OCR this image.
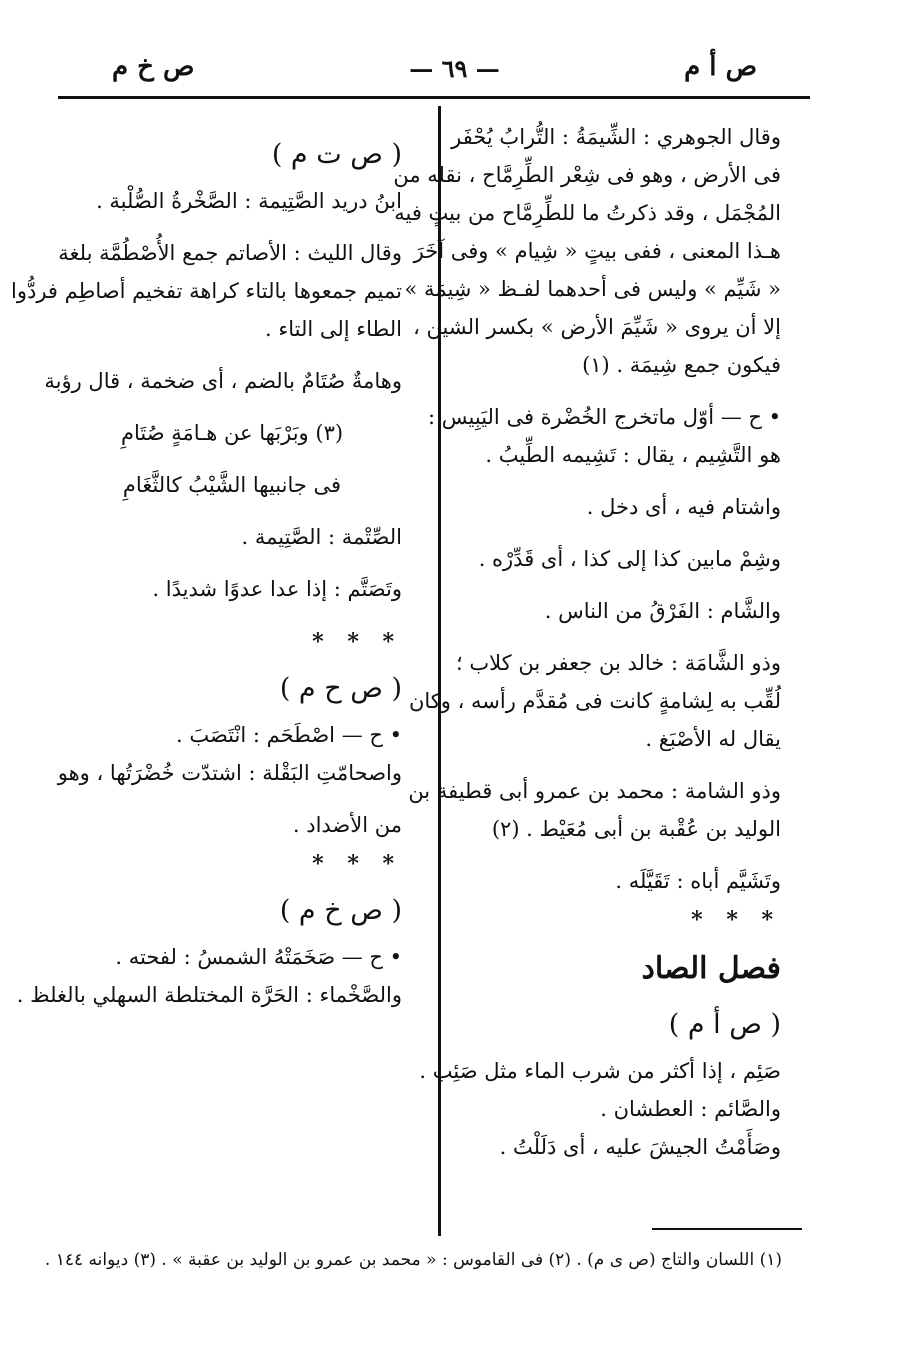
ص أ م
— ٦٩ —
ص خ م
وقال الجوهري : الشِّيمَةُ : التُّرابُ يُحْفَر
فى الأرض ، وهو فى شِعْر الطِّرِمَّاح ، نقله من
المُجْمَل ، وقد ذكرتُ ما للطِّرِمَّاح من بيتٍ فيه
هـذا المعنى ، ففى بيتٍ « شِيام » وفى آخَرَ
« شَيِّم » وليس فى أحدهما لفـظ « شِيمَة »
إلا أن يروى « شَيِّمَ الأرض » بكسر الشين ،
فيكون جمع شِيمَة . (١)
• ح — أوّل ماتخرج الخُضْرة فى اليَبِيس :
هو التَّشِيم ، يقال : تَشِيمه الطِّيبُ .
واشتام فيه ، أى دخل .
وشِمْ مابين كذا إلى كذا ، أى قَدِّرْه .
والشَّام : الفَرْقُ من الناس .
وذو الشَّامَة : خالد بن جعفر بن كلاب ؛
لُقِّب به لِشامةٍ كانت فى مُقدَّم رأسه ، وكان
يقال له الأصْبَغ .
وذو الشامة : محمد بن عمرو أبى قطيفة بن
الوليد بن عُقْبة بن أبى مُعَيْط . (٢)
وتَشَيَّم أباه : تَقَيَّلَه .
* * *
فصل الصاد
( ص أ م )
صَئِم ، إذا أكثر من شرب الماء مثل صَئِب .
والصَّائم : العطشان .
وصَأَمْتُ الجيشَ عليه ، أى دَلَلْتُ .
( ص ت م )
ابنُ دريد الصَّتِيمة : الصَّخْرةُ الصُّلْبة .
وقال الليث : الأصاتم جمع الأُصْطُمَّة بلغة
تميم جمعوها بالتاء كراهة تفخيم أصاطِم فردُّوا
الطاء إلى التاء .
وهامةٌ صُتَامٌ بالضم ، أى ضخمة ، قال رؤبة
(٣) وبَرْبَها عن هـامَةٍ صُتَامِ
فى جانبيها الشَّيْبُ كالثَّغَامِ
الصِّتْمة : الصَّتِيمة .
وتَصَتَّم : إذا عدا عدوًا شديدًا .
* * *
( ص ح م )
• ح — اصْطَحَم : انْتَصَبَ .
واصحامّتِ البَقْلة : اشتدّت خُضْرَتُها ، وهو
من الأضداد .
* * *
( ص خ م )
• ح — صَخَمَتْهُ الشمسُ : لفحته .
والصَّخْماء : الحَرَّة المختلطة السهلي بالغلظ .
(١) اللسان والتاج (ص ى م) . (٢) فى القاموس : « محمد بن عمرو بن الوليد بن عقبة » . (٣) ديوانه ١٤٤ .
